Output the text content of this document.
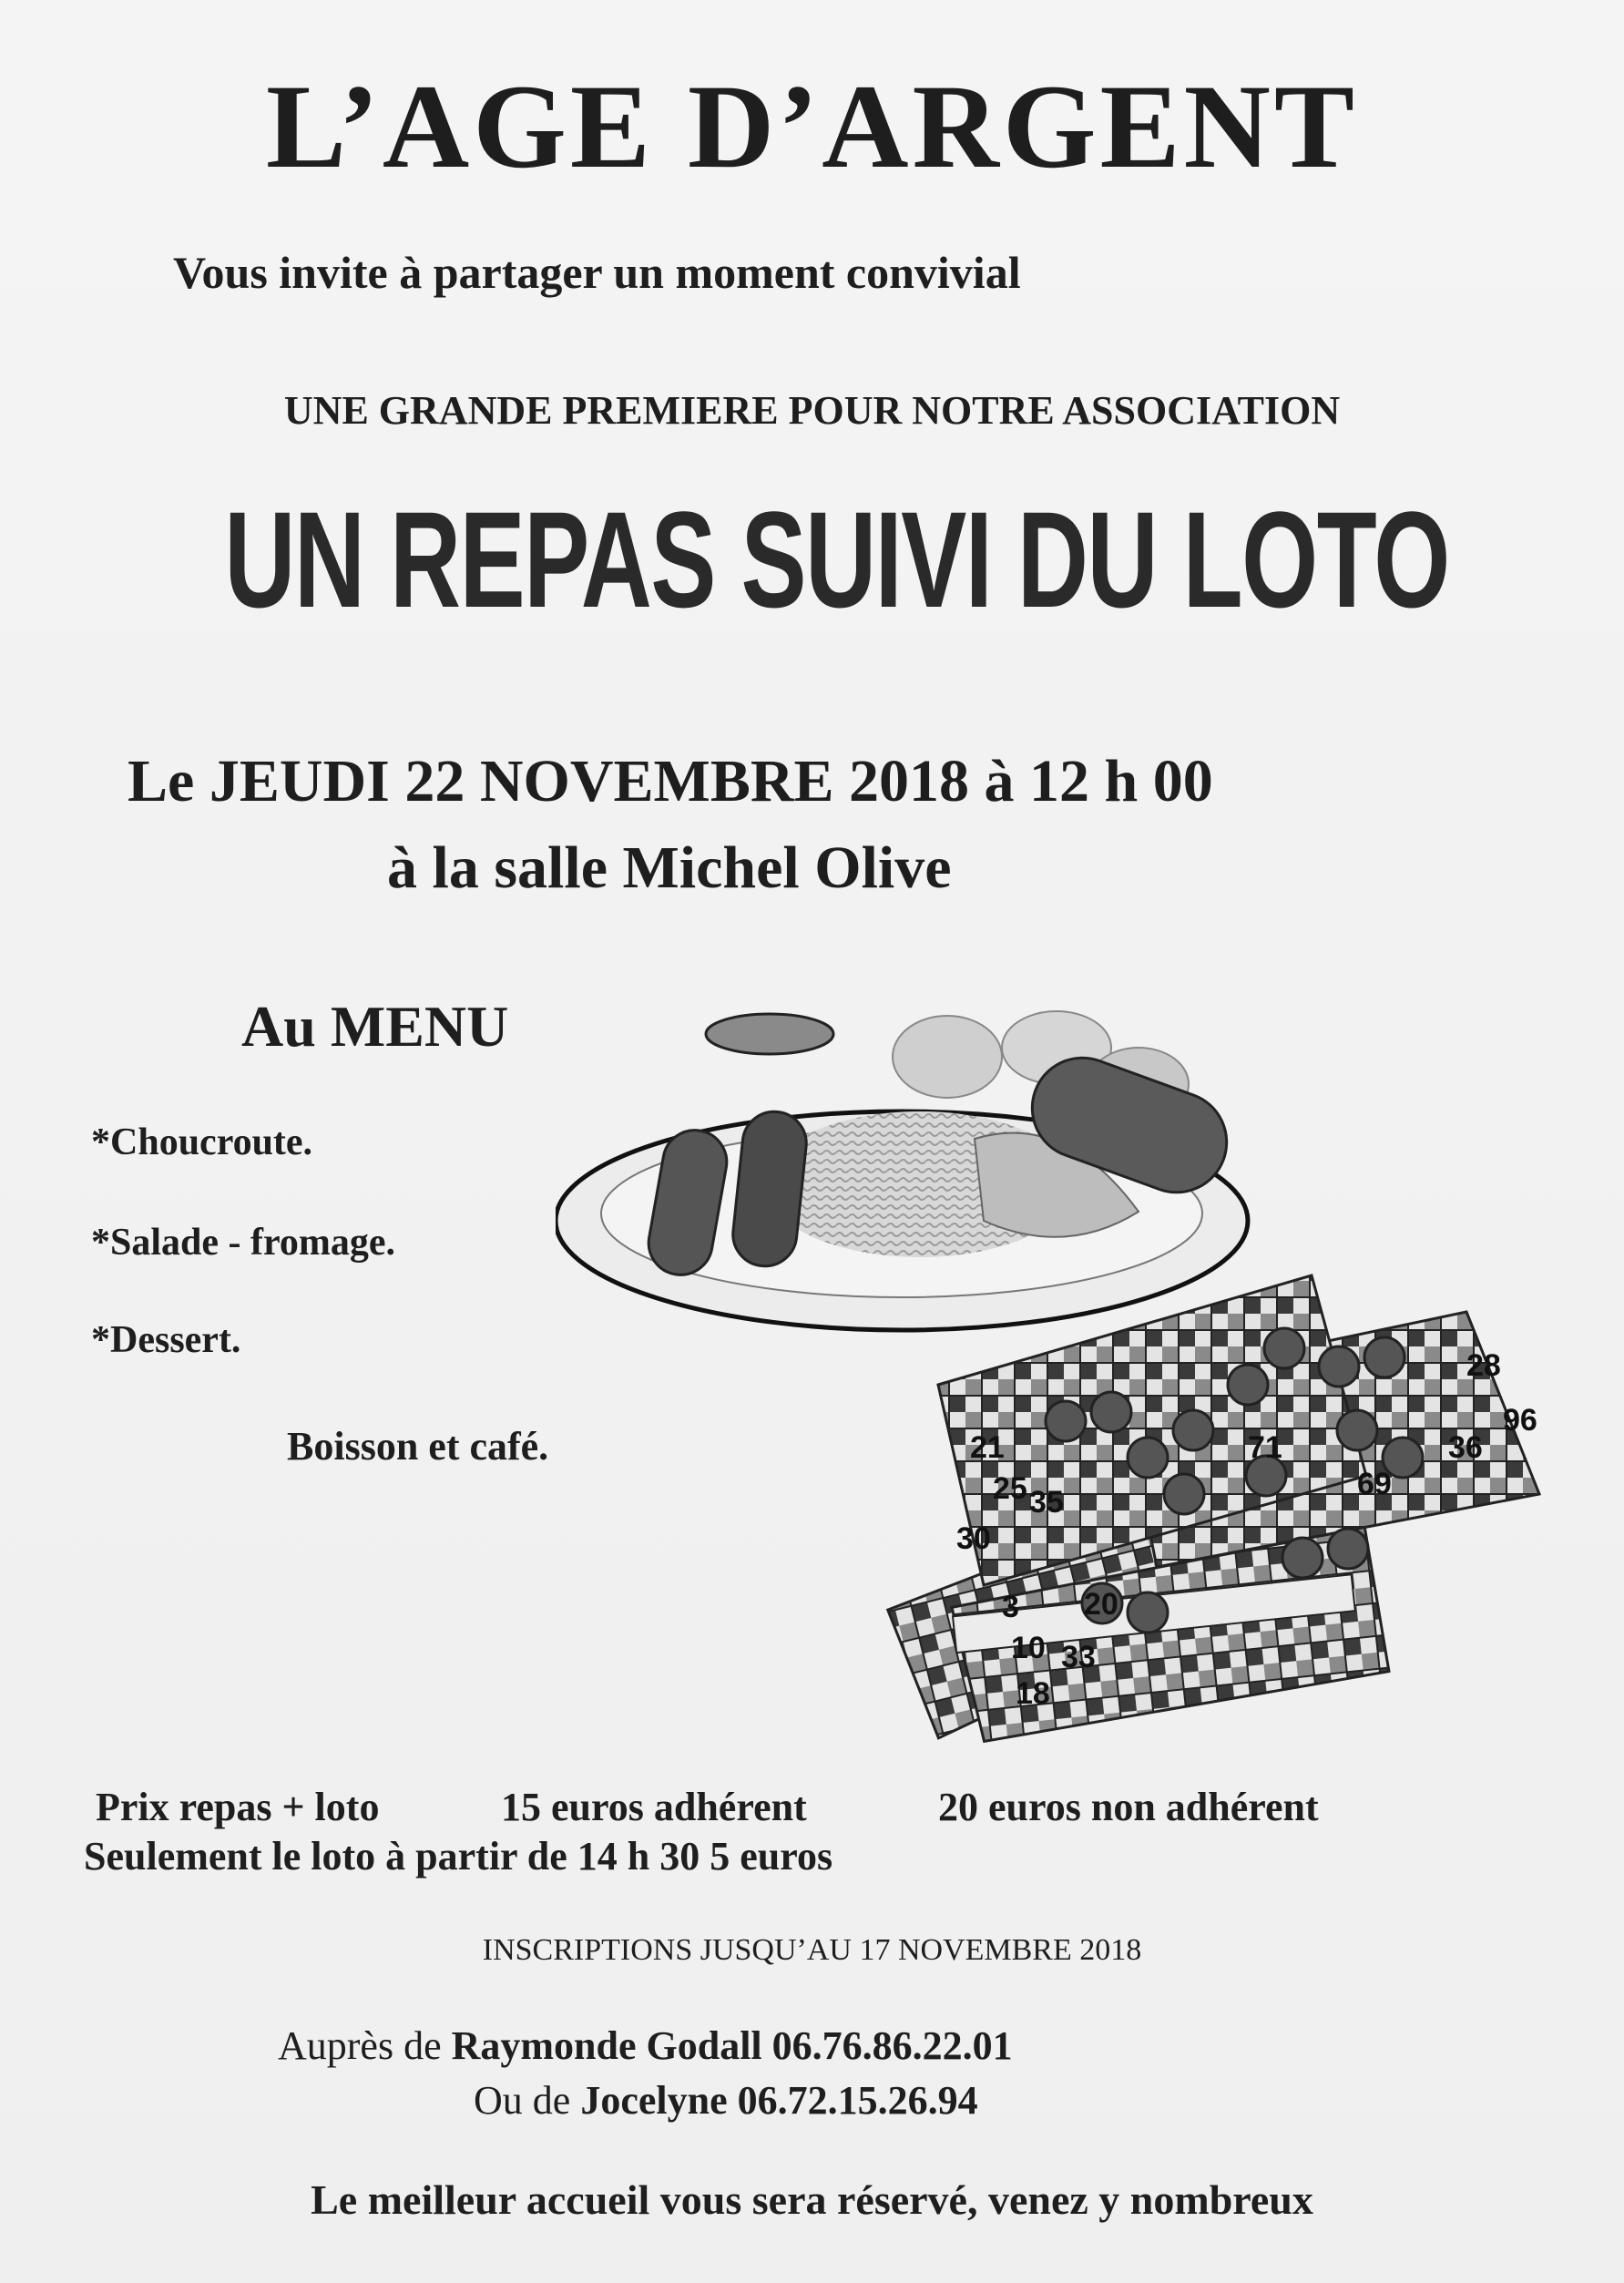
L’AGE D’ARGENT
Vous invite à partager un moment convivial
UNE GRANDE PREMIERE POUR NOTRE ASSOCIATION
UN REPAS SUIVI DU LOTO
Le JEUDI 22 NOVEMBRE 2018 à 12 h 00
à la salle Michel Olive
Au MENU
*Choucroute.
*Salade - fromage.
*Dessert.
Boisson et café.	21
25 35
30
10
3 20
33
18
28
36
71
69
96
Prix repas + loto	15 euros adhérent	20 euros non adhérent
Seulement le loto à partir de 14 h 30 5 euros
INSCRIPTIONS JUSQU’AU 17 NOVEMBRE 2018
Auprès de Raymonde Godall 06.76.86.22.01
Ou de Jocelyne 06.72.15.26.94
Le meilleur accueil vous sera réservé, venez y nombreux
